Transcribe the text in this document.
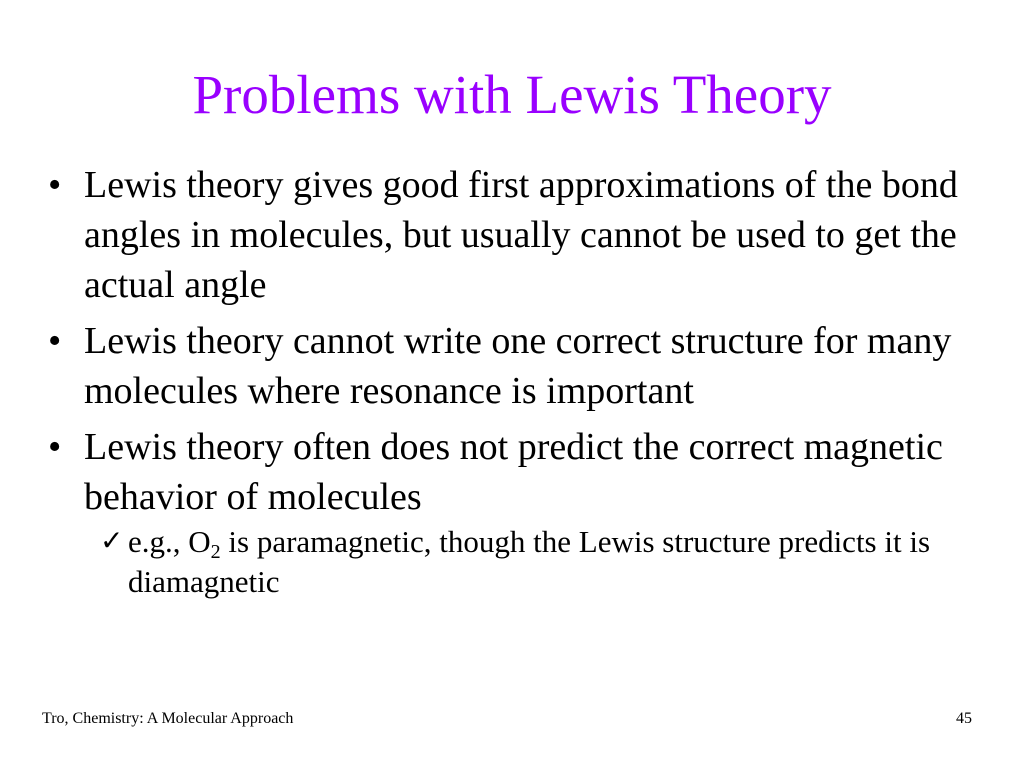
Problems with Lewis Theory
• Lewis theory gives good first approximations of the bond angles in molecules, but usually cannot be used to get the actual angle
• Lewis theory cannot write one correct structure for many molecules where resonance is important
• Lewis theory often does not predict the correct magnetic behavior of molecules
✓ e.g., $O_2$ is paramagnetic, though the Lewis structure predicts it is diamagnetic
Tro, Chemistry: A Molecular Approach	45
